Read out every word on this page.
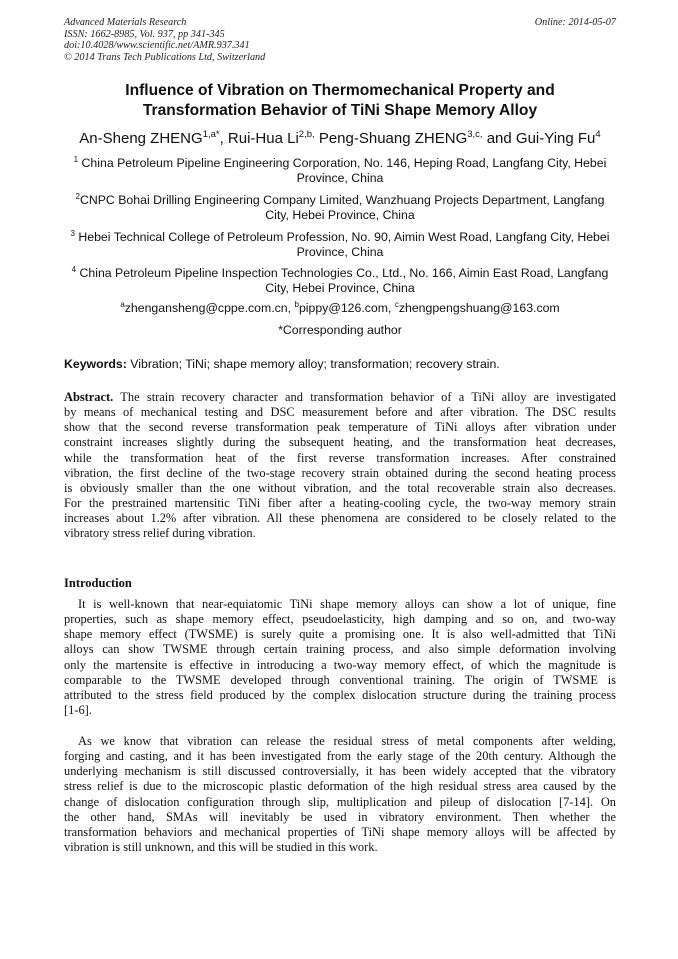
Advanced Materials Research
ISSN: 1662-8985, Vol. 937, pp 341-345
doi:10.4028/www.scientific.net/AMR.937.341
© 2014 Trans Tech Publications Ltd, Switzerland
Online: 2014-05-07
Influence of Vibration on Thermomechanical Property and
Transformation Behavior of TiNi Shape Memory Alloy
An-Sheng $ZHENG^{1,a*}$, Rui-Hua $Li^{2,b,}$ Peng-Shuang $ZHENG^{3,c,}$ and Gui-Ying Fu$^4$
$^1$ China Petroleum Pipeline Engineering Corporation, No. 146, Heping Road, Langfang City, Hebei
Province, China
$^2$CNPC Bohai Drilling Engineering Company Limited, Wanzhuang Projects Department, Langfang
City, Hebei Province, China
$^3$ Hebei Technical College of Petroleum Profession, No. 90, Aimin West Road, Langfang City, Hebei
Province, China
$^4$ China Petroleum Pipeline Inspection Technologies Co., Ltd., No. 166, Aimin East Road, Langfang
City, Hebei Province, China
$^a$zhengansheng@cppe.com.cn, $^b$pippy@126.com, $^c$zhengpengshuang@163.com
*Corresponding author
Keywords: Vibration; TiNi; shape memory alloy; transformation; recovery strain.
Abstract. The strain recovery character and transformation behavior of a TiNi alloy are investigated
by means of mechanical testing and DSC measurement before and after vibration. The DSC results
show that the second reverse transformation peak temperature of TiNi alloys after vibration under
constraint increases slightly during the subsequent heating, and the transformation heat decreases,
while the transformation heat of the first reverse transformation increases. After constrained
vibration, the first decline of the two-stage recovery strain obtained during the second heating process
is obviously smaller than the one without vibration, and the total recoverable strain also decreases.
For the prestrained martensitic TiNi fiber after a heating-cooling cycle, the two-way memory strain
increases about 1.2% after vibration. All these phenomena are considered to be closely related to the
vibratory stress relief during vibration.
Introduction
It is well-known that near-equiatomic TiNi shape memory alloys can show a lot of unique, fine
properties, such as shape memory effect, pseudoelasticity, high damping and so on, and two-way
shape memory effect (TWSME) is surely quite a promising one. It is also well-admitted that TiNi
alloys can show TWSME through certain training process, and also simple deformation involving
only the martensite is effective in introducing a two-way memory effect, of which the magnitude is
comparable to the TWSME developed through conventional training. The origin of TWSME is
attributed to the stress field produced by the complex dislocation structure during the training process
[1-6].
As we know that vibration can release the residual stress of metal components after welding,
forging and casting, and it has been investigated from the early stage of the 20th century. Although the
underlying mechanism is still discussed controversially, it has been widely accepted that the vibratory
stress relief is due to the microscopic plastic deformation of the high residual stress area caused by the
change of dislocation configuration through slip, multiplication and pileup of dislocation [7-14]. On
the other hand, SMAs will inevitably be used in vibratory environment. Then whether the
transformation behaviors and mechanical properties of TiNi shape memory alloys will be affected by
vibration is still unknown, and this will be studied in this work.
